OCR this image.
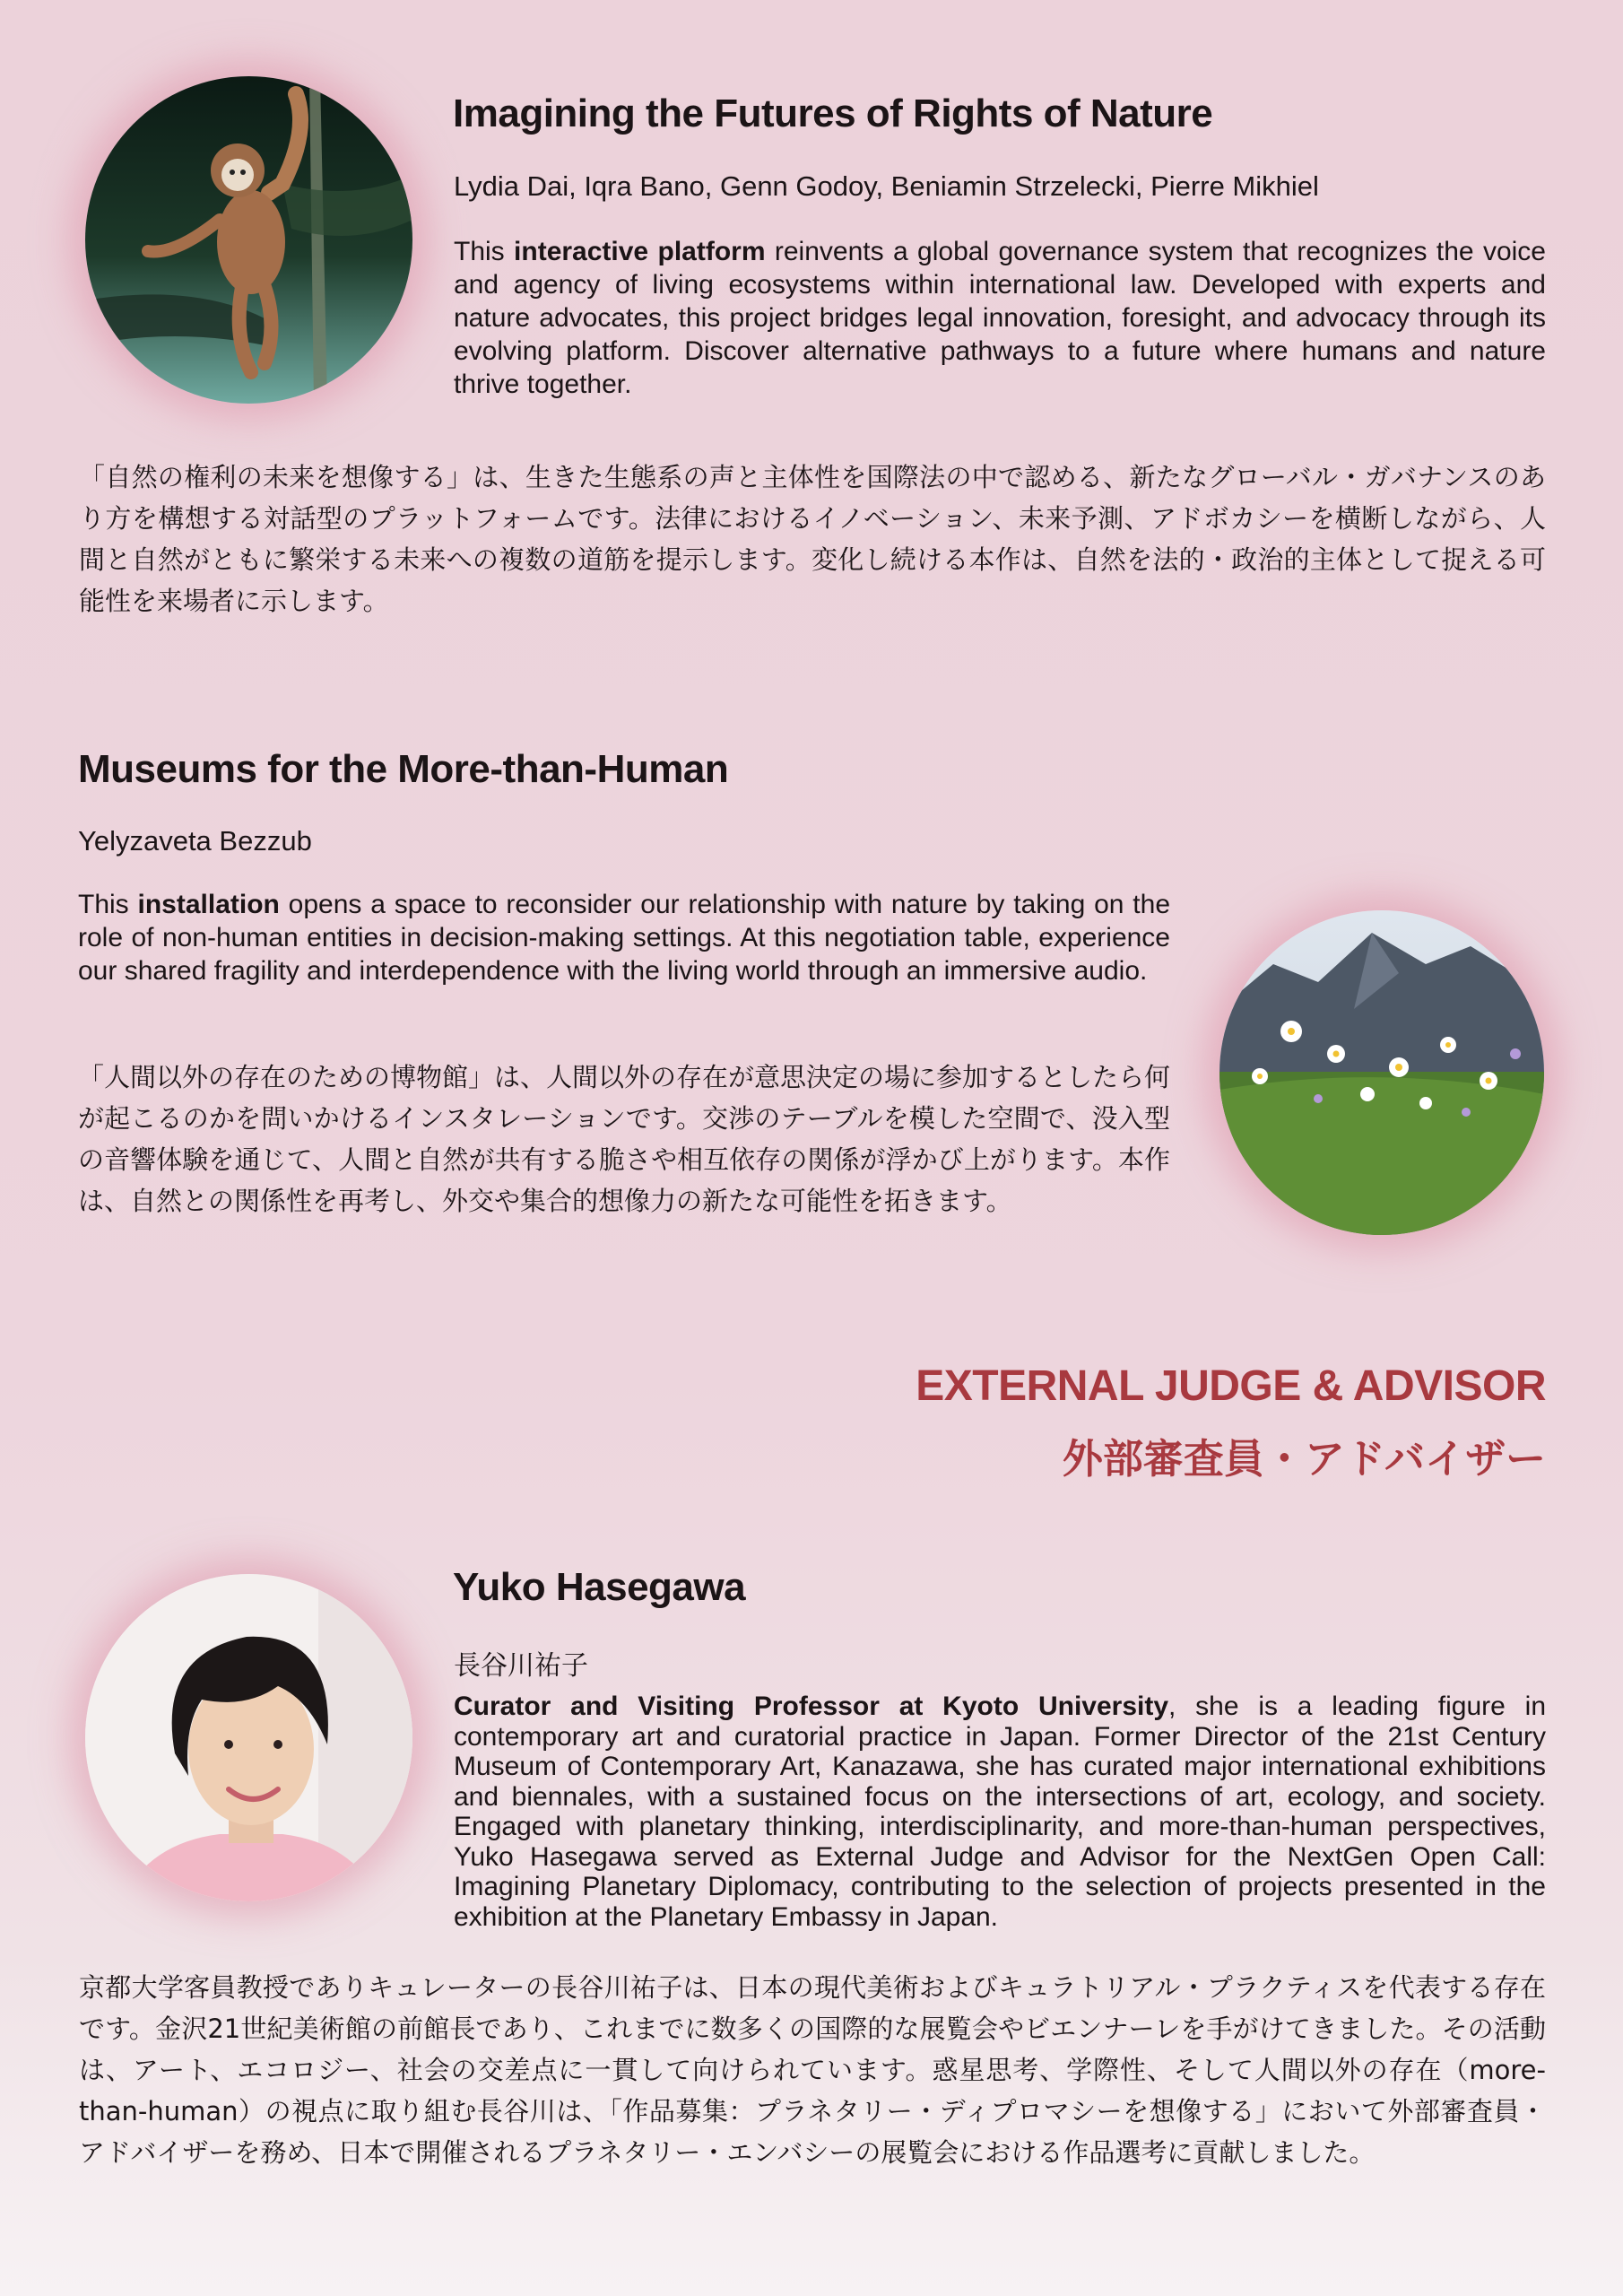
Imagining the Futures of Rights of Nature

Lydia Dai, Iqra Bano, Genn Godoy, Beniamin Strzelecki, Pierre Mikhiel

This interactive platform reinvents a global governance system that recognizes the voice and agency of living ecosystems within international law. Developed with experts and nature advocates, this project bridges legal innovation, foresight, and advocacy through its evolving platform. Discover alternative pathways to a future where humans and nature thrive together.

「自然の権利の未来を想像する」は、生きた生態系の声と主体性を国際法の中で認める、新たなグローバル・ガバナンスのあり方を構想する対話型のプラットフォームです。法律におけるイノベーション、未来予測、アドボカシーを横断しながら、人間と自然がともに繁栄する未来への複数の道筋を提示します。変化し続ける本作は、自然を法的・政治的主体として捉える可能性を来場者に示します。

Museums for the More-than-Human

Yelyzaveta Bezzub

This installation opens a space to reconsider our relationship with nature by taking on the role of non-human entities in decision-making settings. At this negotiation table, experience our shared fragility and interdependence with the living world through an immersive audio.

「人間以外の存在のための博物館」は、人間以外の存在が意思決定の場に参加するとしたら何が起こるのかを問いかけるインスタレーションです。交渉のテーブルを模した空間で、没入型の音響体験を通じて、人間と自然が共有する脆さや相互依存の関係が浮かび上がります。本作は、自然との関係性を再考し、外交や集合的想像力の新たな可能性を拓きます。

EXTERNAL JUDGE & ADVISOR
外部審査員・アドバイザー
Yuko Hasegawa

長谷川祐子

Curator and Visiting Professor at Kyoto University, she is a leading figure in contemporary art and curatorial practice in Japan. Former Director of the 21st Century Museum of Contemporary Art, Kanazawa, she has curated major international exhibitions and biennales, with a sustained focus on the intersections of art, ecology, and society. Engaged with planetary thinking, interdisciplinarity, and more-than-human perspectives, Yuko Hasegawa served as External Judge and Advisor for the NextGen Open Call: Imagining Planetary Diplomacy, contributing to the selection of projects presented in the exhibition at the Planetary Embassy in Japan.

京都大学客員教授でありキュレーターの長谷川祐子は、日本の現代美術およびキュラトリアル・プラクティスを代表する存在です。金沢21世紀美術館の前館長であり、これまでに数多くの国際的な展覧会やビエンナーレを手がけてきました。その活動は、アート、エコロジー、社会の交差点に一貫して向けられています。惑星思考、学際性、そして人間以外の存在（more-than-human）の視点に取り組む長谷川は、「作品募集：プラネタリー・ディプロマシーを想像する」において外部審査員・アドバイザーを務め、日本で開催されるプラネタリー・エンバシーの展覧会における作品選考に貢献しました。
